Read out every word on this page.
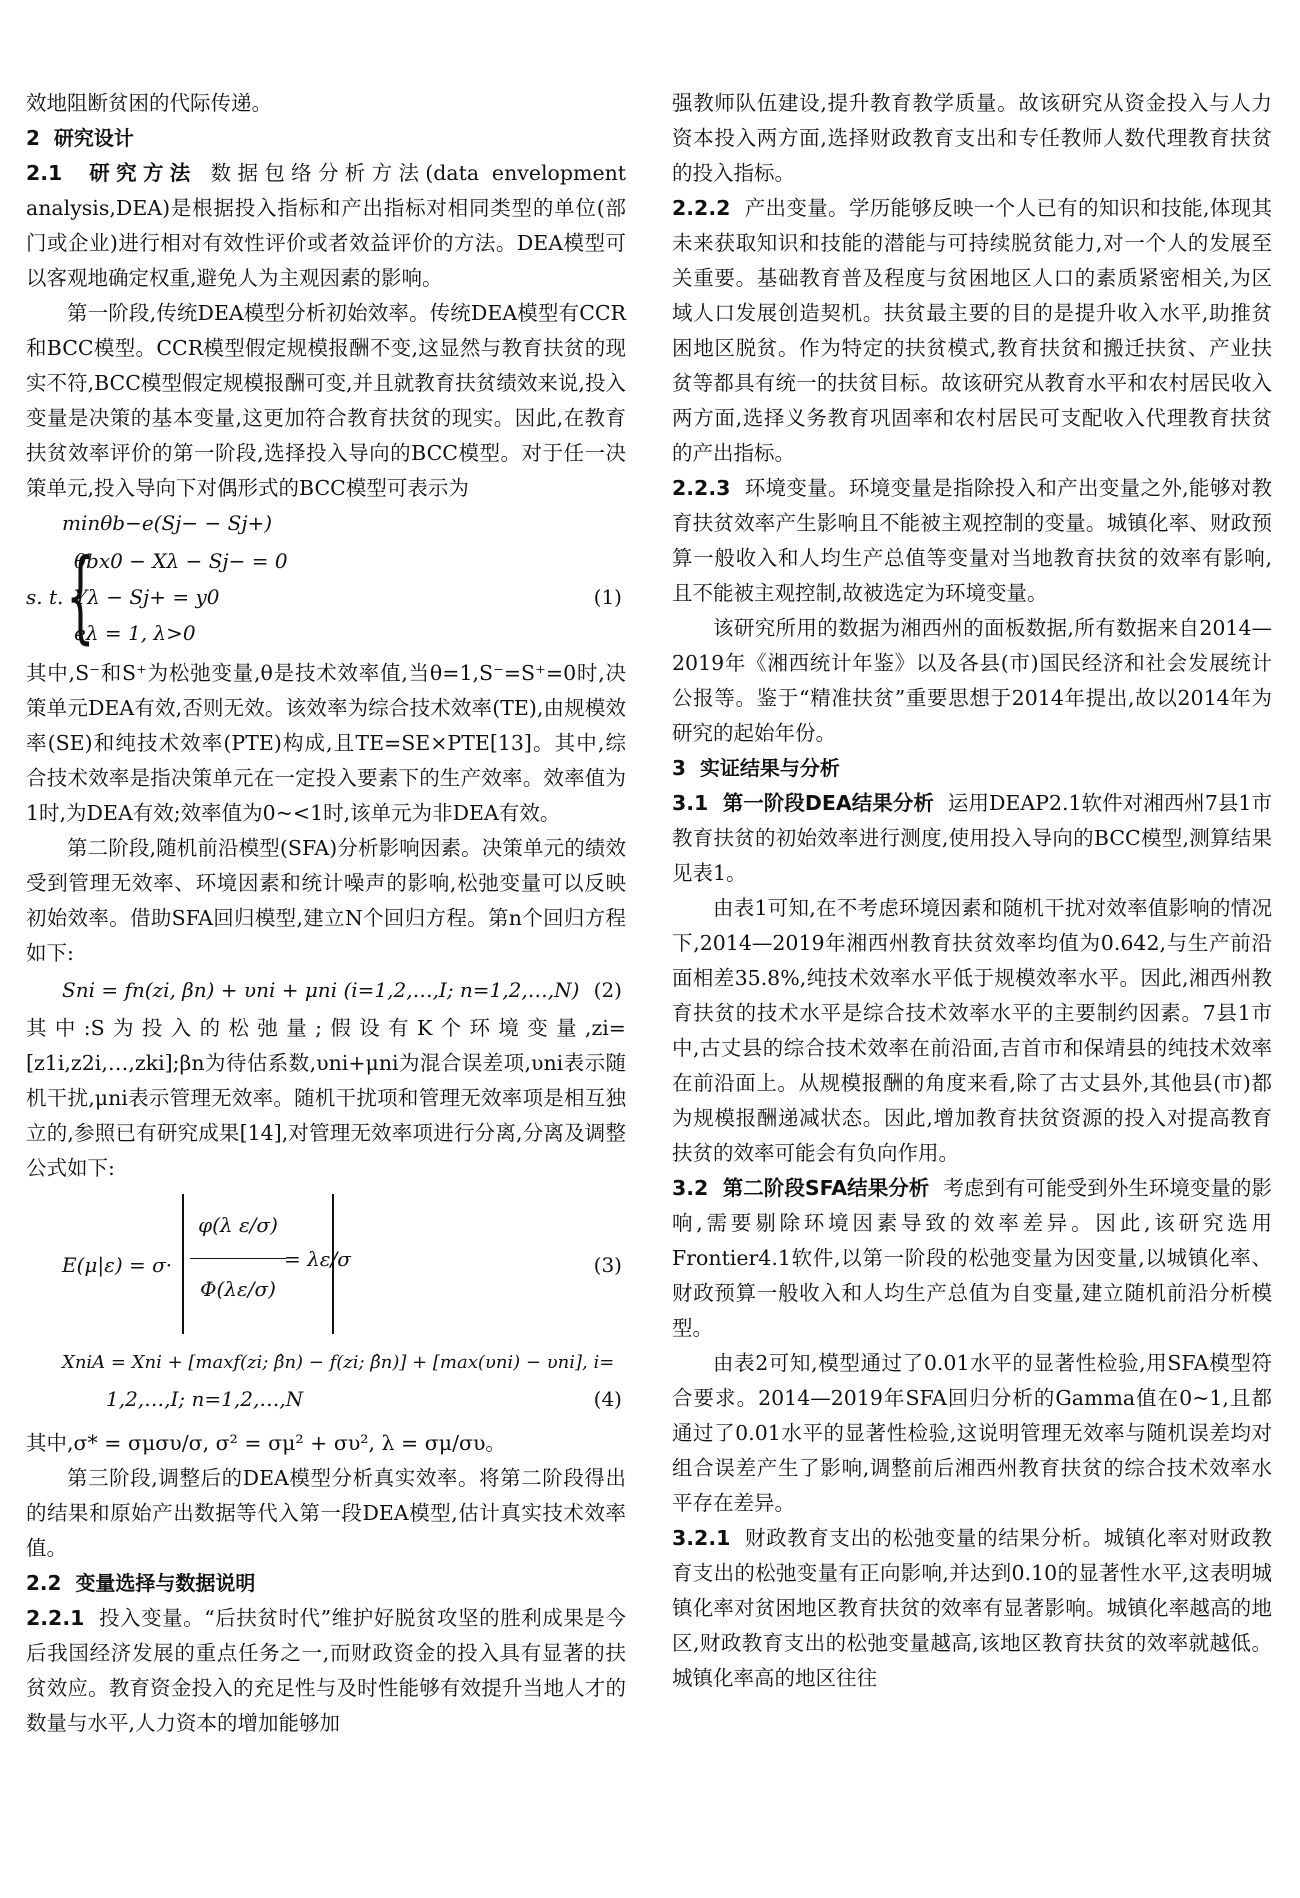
效地阻断贫困的代际传递。

2 研究设计

2.1 研究方法 数据包络分析方法(data envelopment analysis,DEA)是根据投入指标和产出指标对相同类型的单位(部门或企业)进行相对有效性评价或者效益评价的方法。DEA模型可以客观地确定权重,避免人为主观因素的影响。

第一阶段,传统DEA模型分析初始效率。传统DEA模型有CCR和BCC模型。CCR模型假定规模报酬不变,这显然与教育扶贫的现实不符,BCC模型假定规模报酬可变,并且就教育扶贫绩效来说,投入变量是决策的基本变量,这更加符合教育扶贫的现实。因此,在教育扶贫效率评价的第一阶段,选择投入导向的BCC模型。对于任一决策单元,投入导向下对偶形式的BCC模型可表示为

minθb−e(Sj− − Sj+)
s. t. {
θbx0 − Xλ − Sj− = 0
Yλ − Sj+ = y0
eλ = 1, λ>0
(1)

其中,S⁻和S⁺为松弛变量,θ是技术效率值,当θ=1,S⁻=S⁺=0时,决策单元DEA有效,否则无效。该效率为综合技术效率(TE),由规模效率(SE)和纯技术效率(PTE)构成,且TE=SE×PTE[13]。其中,综合技术效率是指决策单元在一定投入要素下的生产效率。效率值为1时,为DEA有效;效率值为0~<1时,该单元为非DEA有效。

第二阶段,随机前沿模型(SFA)分析影响因素。决策单元的绩效受到管理无效率、环境因素和统计噪声的影响,松弛变量可以反映初始效率。借助SFA回归模型,建立N个回归方程。第n个回归方程如下:

Sni = fn(zi, βn) + υni + μni (i=1,2,…,I; n=1,2,…,N) (2)

其中:S为投入的松弛量;假设有K个环境变量,zi=[z1i,z2i,…,zki];βn为待估系数,υni+μni为混合误差项,υni表示随机干扰,μni表示管理无效率。随机干扰项和管理无效率项是相互独立的,参照已有研究成果[14],对管理无效率项进行分离,分离及调整公式如下:

E(μ|ε) = σ·
φ(λ ε/σ)
Φ(λε/σ)
= λε/σ	(3)
XniA = Xni + [maxf(zi; β̂n) − f(zi; β̂n)] + [max(υni) − υni], i=
1,2,…,I; n=1,2,…,N	(4)

其中,σ* = σμσυ/σ, σ² = σμ² + συ², λ = σμ/συ。

第三阶段,调整后的DEA模型分析真实效率。将第二阶段得出的结果和原始产出数据等代入第一段DEA模型,估计真实技术效率值。

2.2 变量选择与数据说明

2.2.1 投入变量。“后扶贫时代”维护好脱贫攻坚的胜利成果是今后我国经济发展的重点任务之一,而财政资金的投入具有显著的扶贫效应。教育资金投入的充足性与及时性能够有效提升当地人才的数量与水平,人力资本的增加能够加

强教师队伍建设,提升教育教学质量。故该研究从资金投入与人力资本投入两方面,选择财政教育支出和专任教师人数代理教育扶贫的投入指标。

2.2.2 产出变量。学历能够反映一个人已有的知识和技能,体现其未来获取知识和技能的潜能与可持续脱贫能力,对一个人的发展至关重要。基础教育普及程度与贫困地区人口的素质紧密相关,为区域人口发展创造契机。扶贫最主要的目的是提升收入水平,助推贫困地区脱贫。作为特定的扶贫模式,教育扶贫和搬迁扶贫、产业扶贫等都具有统一的扶贫目标。故该研究从教育水平和农村居民收入两方面,选择义务教育巩固率和农村居民可支配收入代理教育扶贫的产出指标。

2.2.3 环境变量。环境变量是指除投入和产出变量之外,能够对教育扶贫效率产生影响且不能被主观控制的变量。城镇化率、财政预算一般收入和人均生产总值等变量对当地教育扶贫的效率有影响,且不能被主观控制,故被选定为环境变量。

该研究所用的数据为湘西州的面板数据,所有数据来自2014—2019年《湘西统计年鉴》以及各县(市)国民经济和社会发展统计公报等。鉴于“精准扶贫”重要思想于2014年提出,故以2014年为研究的起始年份。

3 实证结果与分析

3.1 第一阶段DEA结果分析 运用DEAP2.1软件对湘西州7县1市教育扶贫的初始效率进行测度,使用投入导向的BCC模型,测算结果见表1。

由表1可知,在不考虑环境因素和随机干扰对效率值影响的情况下,2014—2019年湘西州教育扶贫效率均值为0.642,与生产前沿面相差35.8%,纯技术效率水平低于规模效率水平。因此,湘西州教育扶贫的技术水平是综合技术效率水平的主要制约因素。7县1市中,古丈县的综合技术效率在前沿面,吉首市和保靖县的纯技术效率在前沿面上。从规模报酬的角度来看,除了古丈县外,其他县(市)都为规模报酬递减状态。因此,增加教育扶贫资源的投入对提高教育扶贫的效率可能会有负向作用。

3.2 第二阶段SFA结果分析 考虑到有可能受到外生环境变量的影响,需要剔除环境因素导致的效率差异。因此,该研究选用Frontier4.1软件,以第一阶段的松弛变量为因变量,以城镇化率、财政预算一般收入和人均生产总值为自变量,建立随机前沿分析模型。

由表2可知,模型通过了0.01水平的显著性检验,用SFA模型符合要求。2014—2019年SFA回归分析的Gamma值在0~1,且都通过了0.01水平的显著性检验,这说明管理无效率与随机误差均对组合误差产生了影响,调整前后湘西州教育扶贫的综合技术效率水平存在差异。

3.2.1 财政教育支出的松弛变量的结果分析。城镇化率对财政教育支出的松弛变量有正向影响,并达到0.10的显著性水平,这表明城镇化率对贫困地区教育扶贫的效率有显著影响。城镇化率越高的地区,财政教育支出的松弛变量越高,该地区教育扶贫的效率就越低。城镇化率高的地区往往
